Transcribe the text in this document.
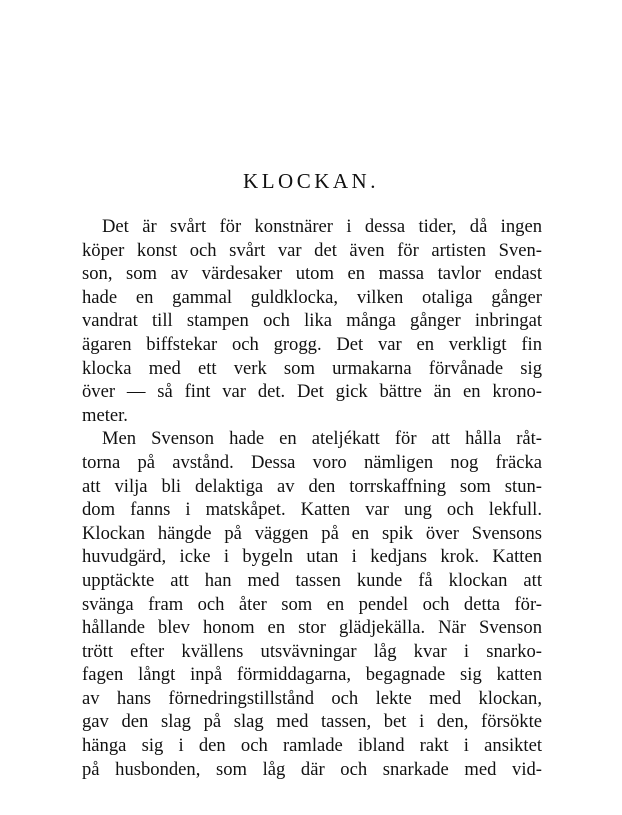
KLOCKAN.
Det är svårt för konstnärer i dessa tider, då ingen
köper konst och svårt var det även för artisten Sven-
son, som av värdesaker utom en massa tavlor endast
hade en gammal guldklocka, vilken otaliga gånger
vandrat till stampen och lika många gånger inbringat
ägaren biffstekar och grogg. Det var en verkligt fin
klocka med ett verk som urmakarna förvånade sig
över — så fint var det. Det gick bättre än en krono-
meter.
Men Svenson hade en ateljékatt för att hålla råt-
torna på avstånd. Dessa voro nämligen nog fräcka
att vilja bli delaktiga av den torrskaffning som stun-
dom fanns i matskåpet. Katten var ung och lekfull.
Klockan hängde på väggen på en spik över Svensons
huvudgärd, icke i bygeln utan i kedjans krok. Katten
upptäckte att han med tassen kunde få klockan att
svänga fram och åter som en pendel och detta för-
hållande blev honom en stor glädjekälla. När Svenson
trött efter kvällens utsvävningar låg kvar i snarko-
fagen långt inpå förmiddagarna, begagnade sig katten
av hans förnedringstillstånd och lekte med klockan,
gav den slag på slag med tassen, bet i den, försökte
hänga sig i den och ramlade ibland rakt i ansiktet
på husbonden, som låg där och snarkade med vid-
